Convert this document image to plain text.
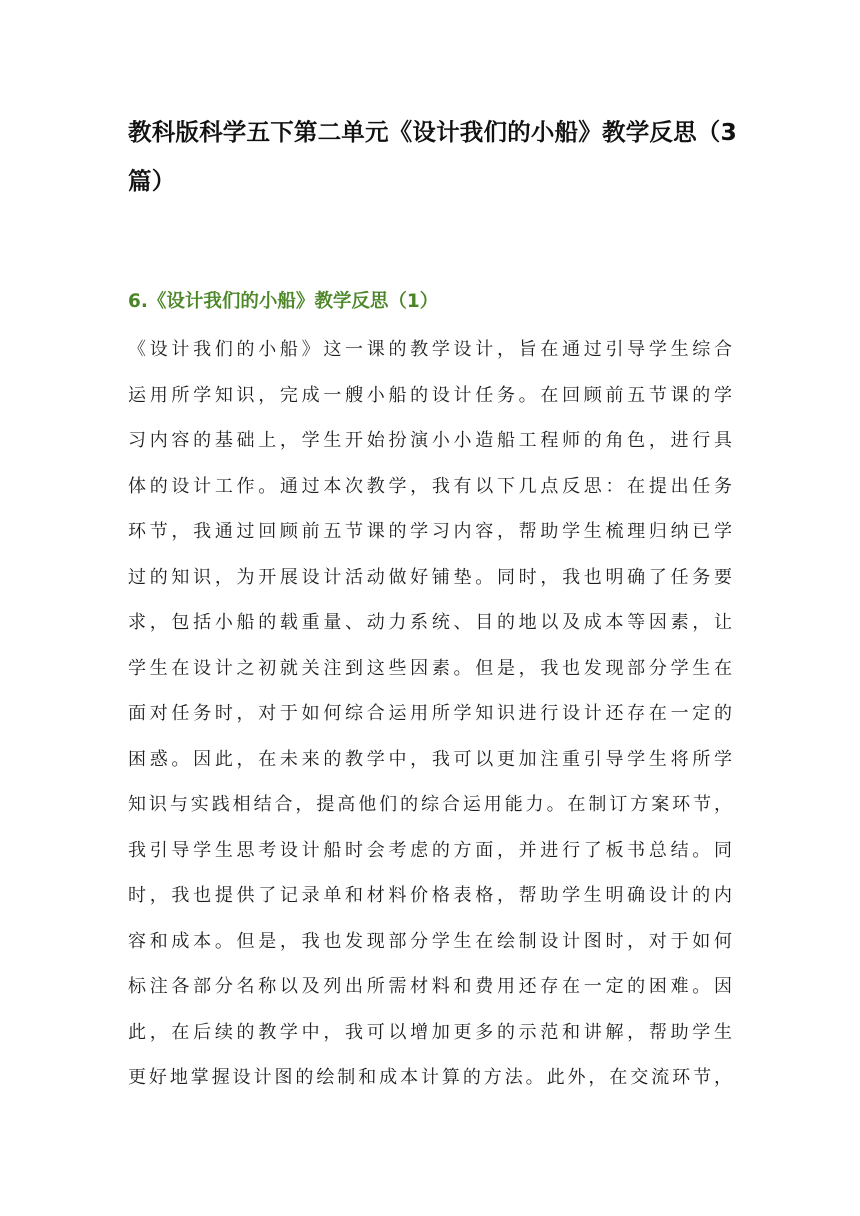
教科版科学五下第二单元《设计我们的小船》教学反思（3 篇）
6.《设计我们的小船》教学反思（1）
《设计我们的小船》这一课的教学设计，旨在通过引导学生综合
运用所学知识，完成一艘小船的设计任务。在回顾前五节课的学
习内容的基础上，学生开始扮演小小造船工程师的角色，进行具
体的设计工作。通过本次教学，我有以下几点反思：在提出任务
环节，我通过回顾前五节课的学习内容，帮助学生梳理归纳已学
过的知识，为开展设计活动做好铺垫。同时，我也明确了任务要
求，包括小船的载重量、动力系统、目的地以及成本等因素，让
学生在设计之初就关注到这些因素。但是，我也发现部分学生在
面对任务时，对于如何综合运用所学知识进行设计还存在一定的
困惑。因此，在未来的教学中，我可以更加注重引导学生将所学
知识与实践相结合，提高他们的综合运用能力。在制订方案环节，
我引导学生思考设计船时会考虑的方面，并进行了板书总结。同
时，我也提供了记录单和材料价格表格，帮助学生明确设计的内
容和成本。但是，我也发现部分学生在绘制设计图时，对于如何
标注各部分名称以及列出所需材料和费用还存在一定的困难。因
此，在后续的教学中，我可以增加更多的示范和讲解，帮助学生
更好地掌握设计图的绘制和成本计算的方法。此外，在交流环节，
